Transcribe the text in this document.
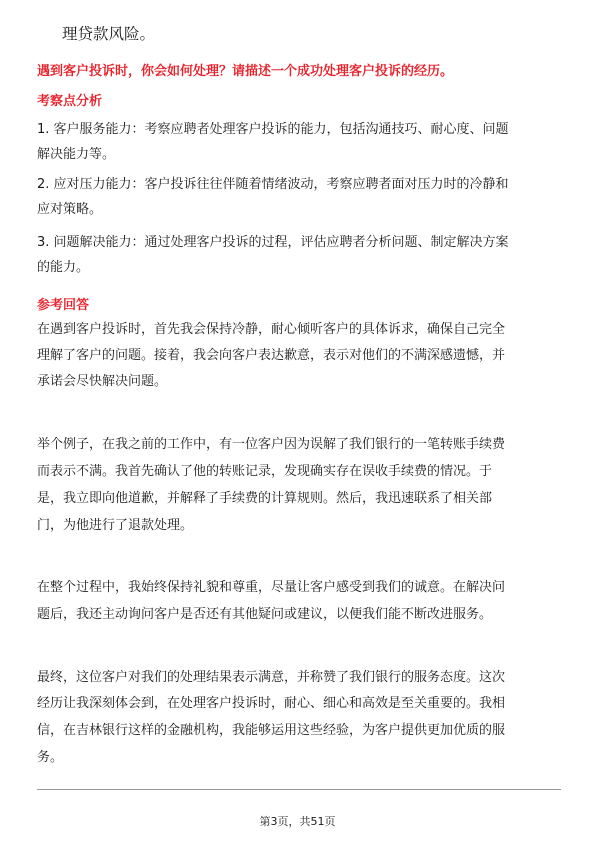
理贷款风险。
遇到客户投诉时，你会如何处理？请描述一个成功处理客户投诉的经历。
考察点分析
1. 客户服务能力：考察应聘者处理客户投诉的能力，包括沟通技巧、耐心度、问题
解决能力等。
2. 应对压力能力：客户投诉往往伴随着情绪波动，考察应聘者面对压力时的冷静和
应对策略。
3. 问题解决能力：通过处理客户投诉的过程，评估应聘者分析问题、制定解决方案
的能力。
参考回答
在遇到客户投诉时，首先我会保持冷静，耐心倾听客户的具体诉求，确保自己完全
理解了客户的问题。接着，我会向客户表达歉意，表示对他们的不满深感遗憾，并
承诺会尽快解决问题。
举个例子，在我之前的工作中，有一位客户因为误解了我们银行的一笔转账手续费
而表示不满。我首先确认了他的转账记录，发现确实存在误收手续费的情况。于
是，我立即向他道歉，并解释了手续费的计算规则。然后，我迅速联系了相关部
门，为他进行了退款处理。
在整个过程中，我始终保持礼貌和尊重，尽量让客户感受到我们的诚意。在解决问
题后，我还主动询问客户是否还有其他疑问或建议，以便我们能不断改进服务。
最终，这位客户对我们的处理结果表示满意，并称赞了我们银行的服务态度。这次
经历让我深刻体会到，在处理客户投诉时，耐心、细心和高效是至关重要的。我相
信，在吉林银行这样的金融机构，我能够运用这些经验，为客户提供更加优质的服
务。
第3页，共51页
